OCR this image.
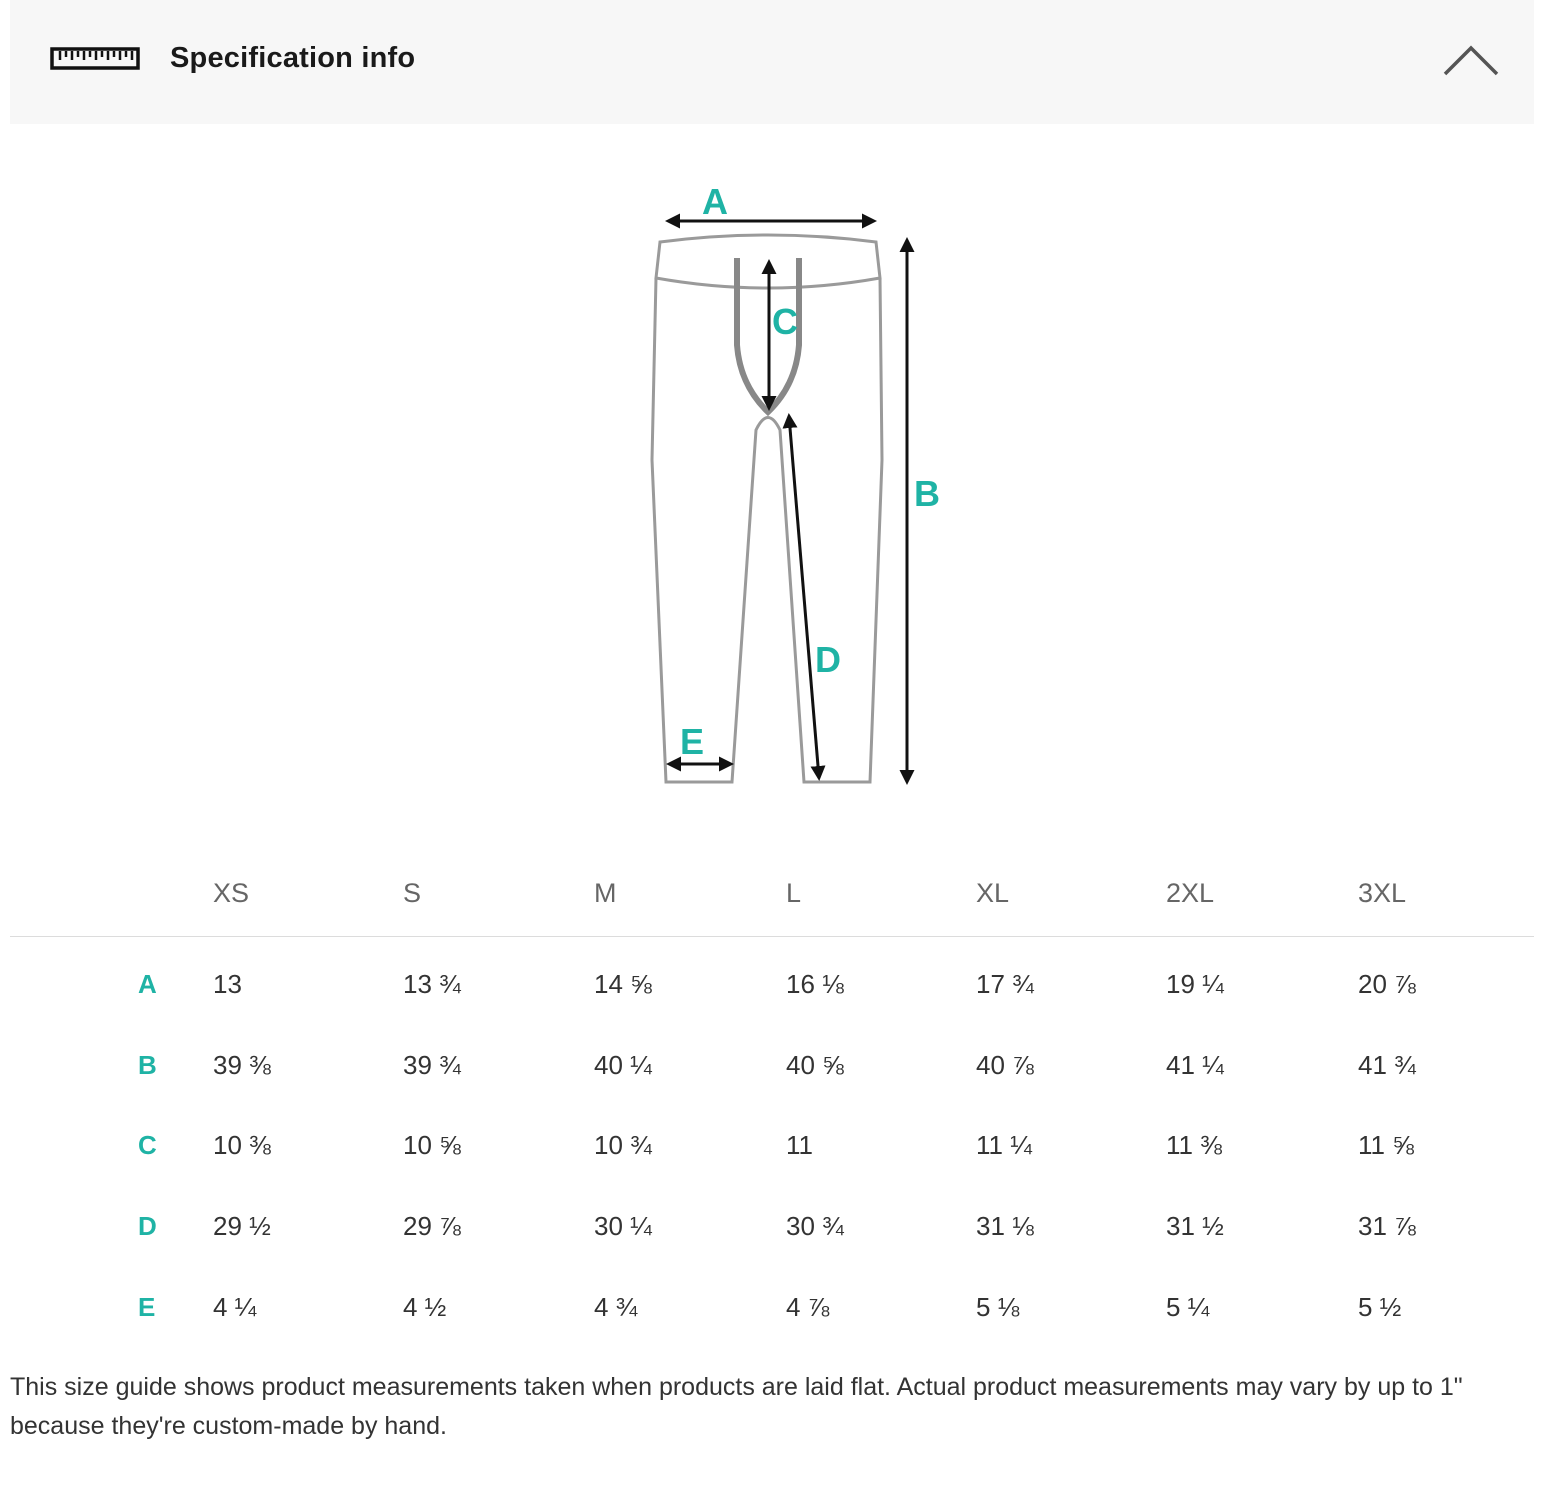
Specification info
A
B
C
D
E
XS	S	M	L	XL	2XL	3XL
A 13	13 ¾	14 ⅝	16 ⅛	17 ¾	19 ¼	20 ⅞
B 39 ⅜	39 ¾	40 ¼	40 ⅝	40 ⅞	41 ¼	41 ¾
C 10 ⅜	10 ⅝	10 ¾	11	11 ¼	11 ⅜	11 ⅝
D 29 ½	29 ⅞	30 ¼	30 ¾	31 ⅛	31 ½	31 ⅞
E 4 ¼	4 ½	4 ¾	4 ⅞	5 ⅛	5 ¼	5 ½
This size guide shows product measurements taken when products are laid flat. Actual product measurements may vary by up to 1" because they're custom-made by hand.
